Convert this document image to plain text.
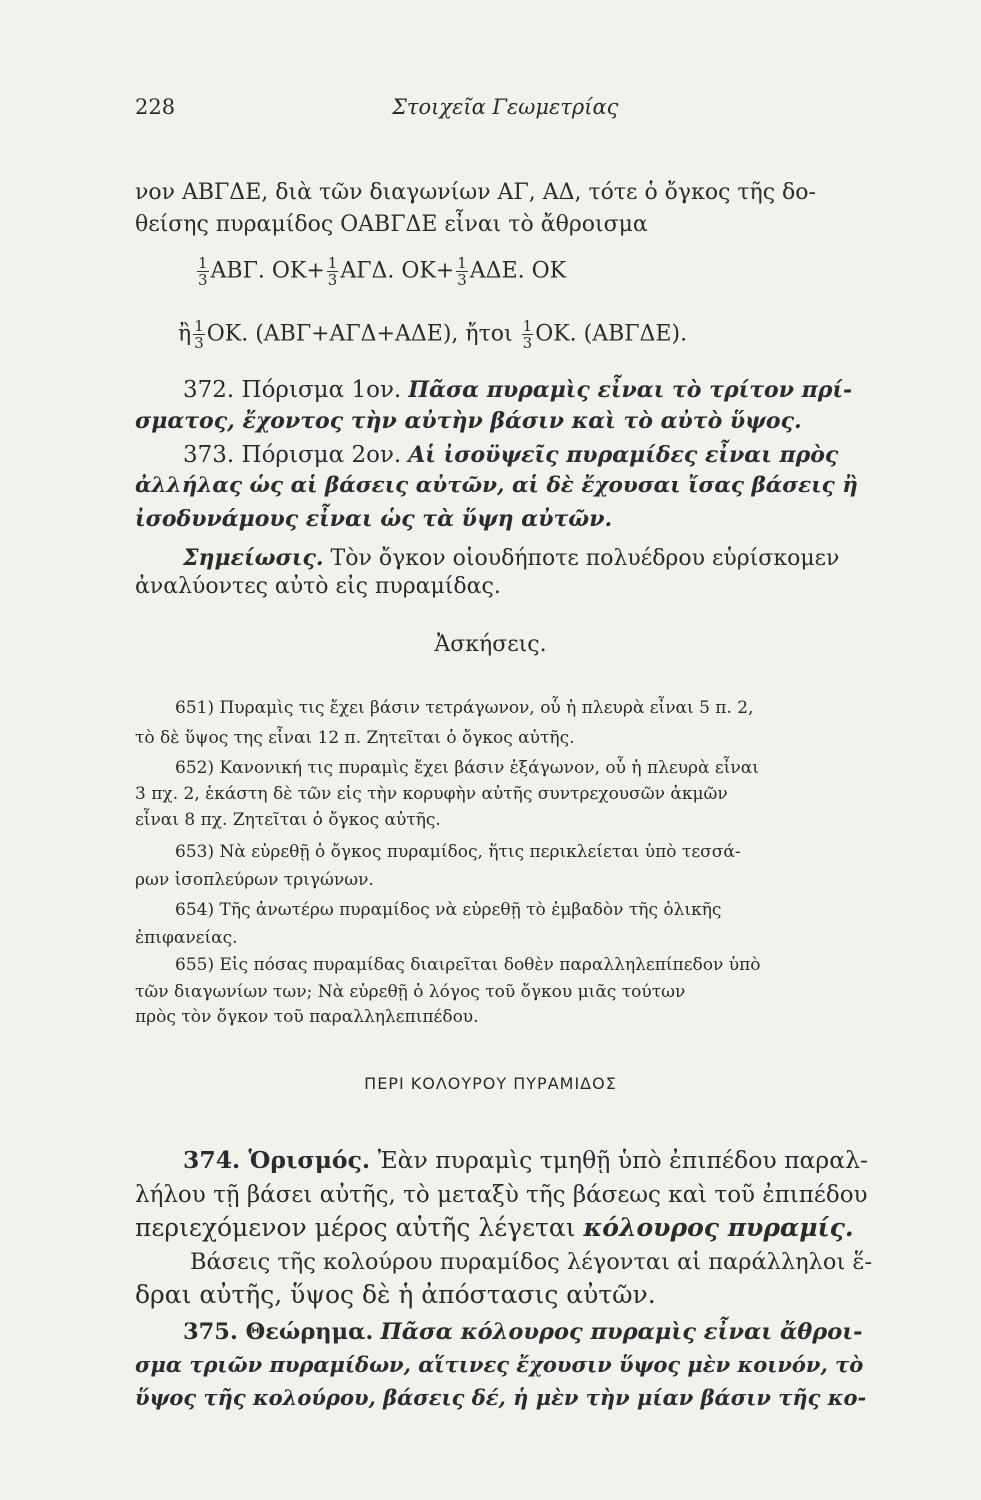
228	Στοιχεῖα Γεωμετρίας
νον ΑΒΓΔΕ, διὰ τῶν διαγωνίων ΑΓ, ΑΔ, τότε ὁ ὄγκος τῆς δο-
θείσης πυραμίδος ΟΑΒΓΔΕ εἶναι τὸ ἄθροισμα
$\frac{1}{3} AB\Gamma$. $OK+ \frac{1}{3} A\Gamma\Delta$. $OK+ \frac{1}{3} A\Delta E$. ΟΚ
ἢ $\frac{1}{3} OK$. (ΑΒΓ+ΑΓΔ+ΑΔΕ), ἤτοι $\frac{1}{3} OK$. (ΑΒΓΔΕ).
372. Πόρισμα 1ον. Πᾶσα πυραμὶς εἶναι τὸ τρίτον πρί-
σματος, ἔχοντος τὴν αὐτὴν βάσιν καὶ τὸ αὐτὸ ὕψος.
373. Πόρισμα 2ον. Αἱ ἰσοϋψεῖς πυραμίδες εἶναι πρὸς
ἀλλήλας ὡς αἱ βάσεις αὐτῶν, αἱ δὲ ἔχουσαι ἴσας βάσεις ἢ
ἰσοδυνάμους εἶναι ὡς τὰ ὕψη αὐτῶν.
Σημείωσις. Τὸν ὄγκον οἱουδήποτε πολυέδρου εὑρίσκομεν
ἀναλύοντες αὐτὸ εἰς πυραμίδας.
Ἀσκήσεις.
651) Πυραμὶς τις ἔχει βάσιν τετράγωνον, οὗ ἡ πλευρὰ εἶναι 5 π. 2,
τὸ δὲ ὕψος της εἶναι 12 π. Ζητεῖται ὁ ὄγκος αὐτῆς.
652) Κανονική τις πυραμὶς ἔχει βάσιν ἑξάγωνον, οὗ ἡ πλευρὰ εἶναι
3 πχ. 2, ἑκάστη δὲ τῶν εἰς τὴν κορυφὴν αὐτῆς συντρεχουσῶν ἀκμῶν
εἶναι 8 πχ. Ζητεῖται ὁ ὄγκος αὐτῆς.
653) Νὰ εὑρεθῇ ὁ ὄγκος πυραμίδος, ἥτις περικλείεται ὑπὸ τεσσά-
ρων ἰσοπλεύρων τριγώνων.
654) Τῆς ἀνωτέρω πυραμίδος νὰ εὑρεθῇ τὸ ἐμβαδὸν τῆς ὁλικῆς
ἐπιφανείας.
655) Εἰς πόσας πυραμίδας διαιρεῖται δοθὲν παραλληλεπίπεδον ὑπὸ
τῶν διαγωνίων των; Νὰ εὑρεθῇ ὁ λόγος τοῦ ὄγκου μιᾶς τούτων
πρὸς τὸν ὄγκον τοῦ παραλληλεπιπέδου.
ΠΕΡΙ ΚΟΛΟΥΡΟΥ ΠΥΡΑΜΙΔΟΣ
374. Ὁρισμός. Ἐὰν πυραμὶς τμηθῇ ὑπὸ ἐπιπέδου παραλ-
λήλου τῇ βάσει αὐτῆς, τὸ μεταξὺ τῆς βάσεως καὶ τοῦ ἐπιπέδου
περιεχόμενον μέρος αὐτῆς λέγεται κόλουρος πυραμίς.
Βάσεις τῆς κολούρου πυραμίδος λέγονται αἱ παράλληλοι ἕ-
δραι αὐτῆς, ὕψος δὲ ἡ ἀπόστασις αὐτῶν.
375. Θεώρημα. Πᾶσα κόλουρος πυραμὶς εἶναι ἄθροι-
σμα τριῶν πυραμίδων, αἵτινες ἔχουσιν ὕψος μὲν κοινόν, τὸ
ὕψος τῆς κολούρου, βάσεις δέ, ἡ μὲν τὴν μίαν βάσιν τῆς κο-
